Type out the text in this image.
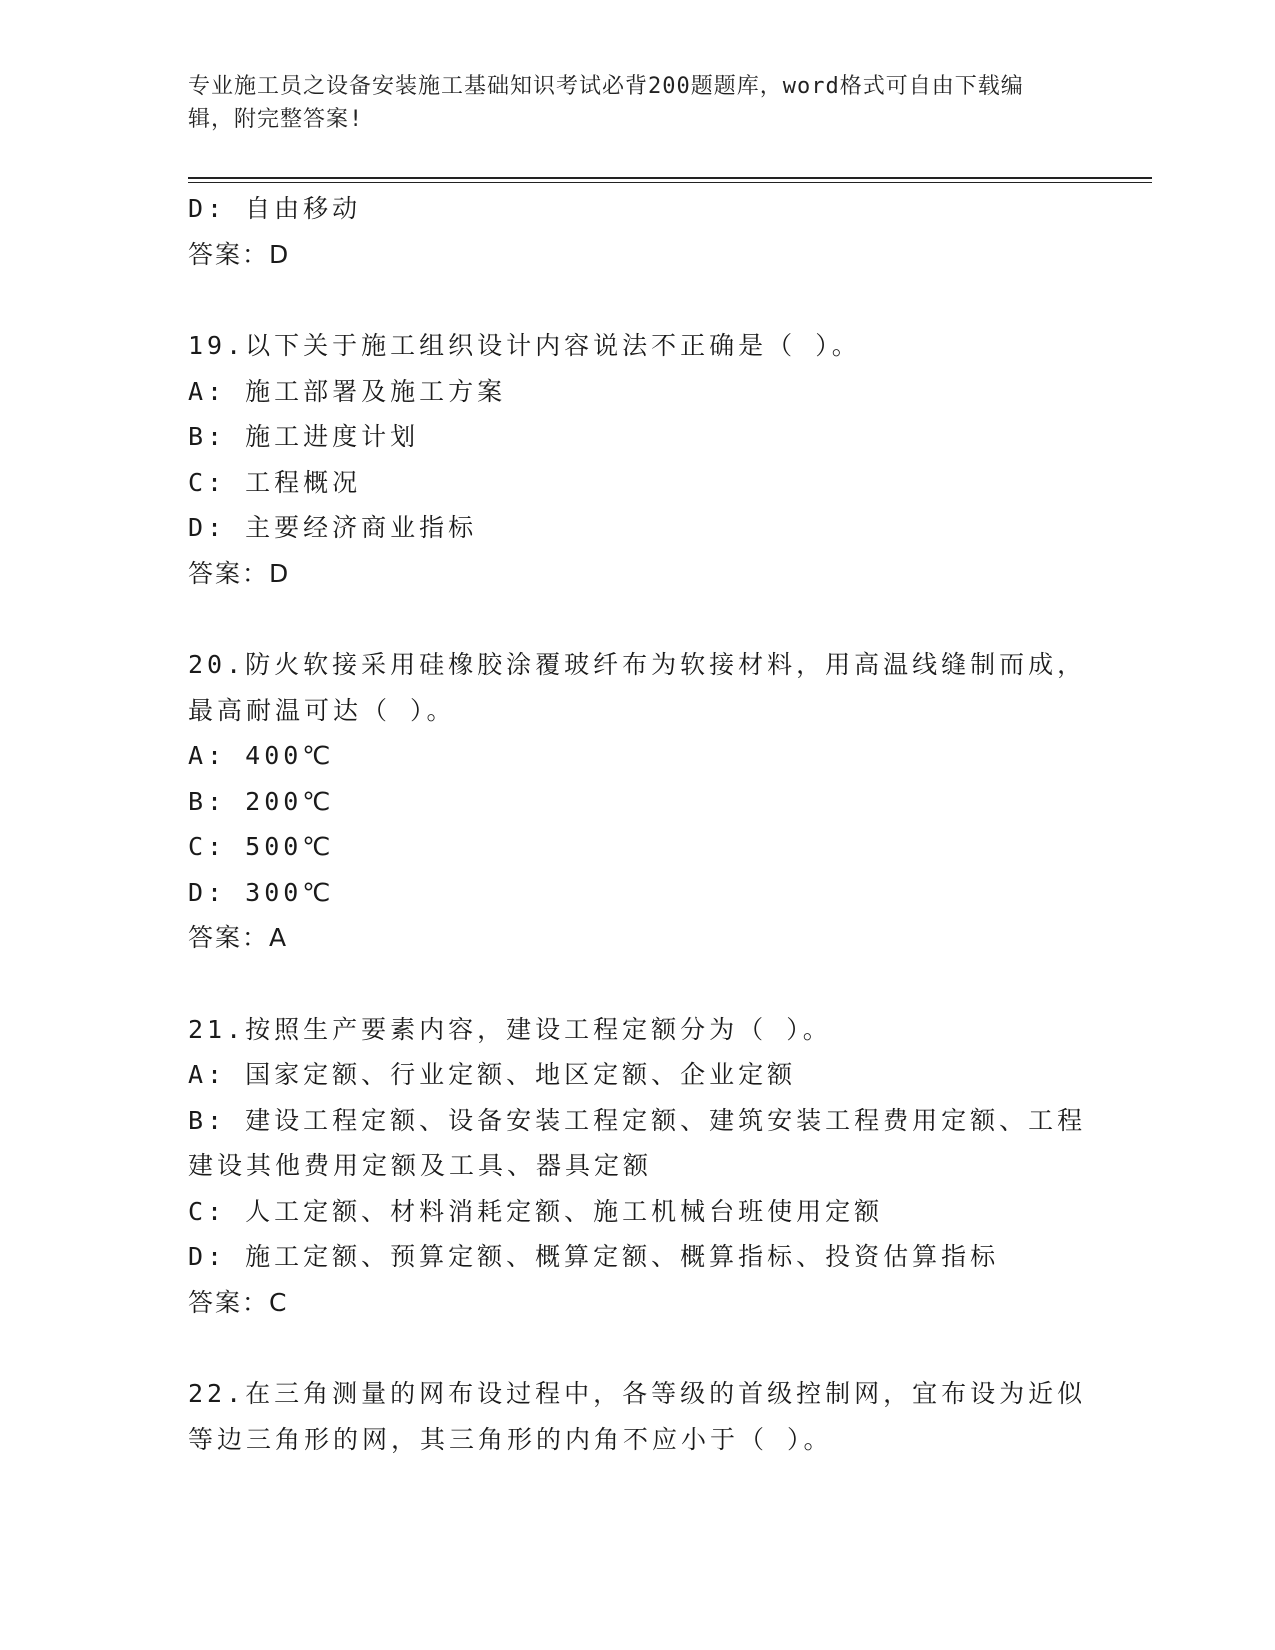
专业施工员之设备安装施工基础知识考试必背200题题库，word格式可自由下载编辑，附完整答案!
D: 自由移动
答案：D
19.以下关于施工组织设计内容说法不正确是（ ）。
A: 施工部署及施工方案
B: 施工进度计划
C: 工程概况
D: 主要经济商业指标
答案：D
20.防火软接采用硅橡胶涂覆玻纤布为软接材料，用高温线缝制而成，最高耐温可达（ ）。
A: 400℃
B: 200℃
C: 500℃
D: 300℃
答案：A
21.按照生产要素内容，建设工程定额分为（ ）。
A: 国家定额、行业定额、地区定额、企业定额
B: 建设工程定额、设备安装工程定额、建筑安装工程费用定额、工程建设其他费用定额及工具、器具定额
C: 人工定额、材料消耗定额、施工机械台班使用定额
D: 施工定额、预算定额、概算定额、概算指标、投资估算指标
答案：C
22.在三角测量的网布设过程中，各等级的首级控制网，宜布设为近似等边三角形的网，其三角形的内角不应小于（ ）。
